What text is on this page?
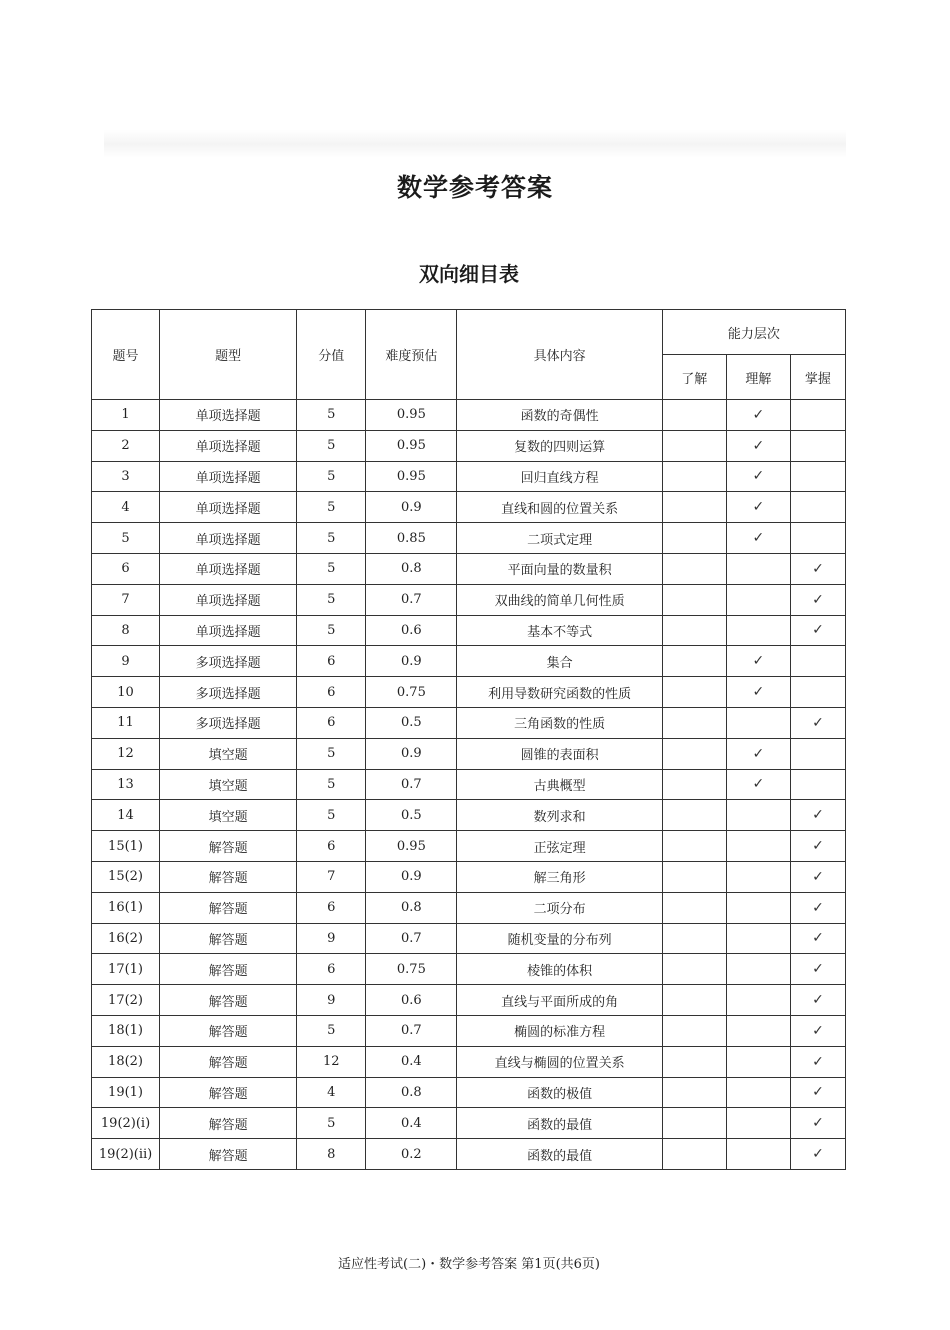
数学参考答案
双向细目表
题号	题型	分值	难度预估	具体内容	能力层次		
					了解	理解	掌握
1	单项选择题	5	0.95	函数的奇偶性		✓	
2	单项选择题	5	0.95	复数的四则运算		✓	
3	单项选择题	5	0.95	回归直线方程		✓	
4	单项选择题	5	0.9	直线和圆的位置关系		✓	
5	单项选择题	5	0.85	二项式定理		✓	
6	单项选择题	5	0.8	平面向量的数量积			✓
7	单项选择题	5	0.7	双曲线的简单几何性质			✓
8	单项选择题	5	0.6	基本不等式			✓
9	多项选择题	6	0.9	集合		✓	
10	多项选择题	6	0.75	利用导数研究函数的性质		✓	
11	多项选择题	6	0.5	三角函数的性质			✓
12	填空题	5	0.9	圆锥的表面积		✓	
13	填空题	5	0.7	古典概型		✓	
14	填空题	5	0.5	数列求和			✓
15(1)	解答题	6	0.95	正弦定理			✓
15(2)	解答题	7	0.9	解三角形			✓
16(1)	解答题	6	0.8	二项分布			✓
16(2)	解答题	9	0.7	随机变量的分布列			✓
17(1)	解答题	6	0.75	棱锥的体积			✓
17(2)	解答题	9	0.6	直线与平面所成的角			✓
18(1)	解答题	5	0.7	椭圆的标准方程			✓
18(2)	解答题	12	0.4	直线与椭圆的位置关系			✓
19(1)	解答题	4	0.8	函数的极值			✓
19(2)(ⅰ)	解答题	5	0.4	函数的最值			✓
19(2)(ⅱ)	解答题	8	0.2	函数的最值			✓
适应性考试(二)・数学参考答案 第1页(共6页)
